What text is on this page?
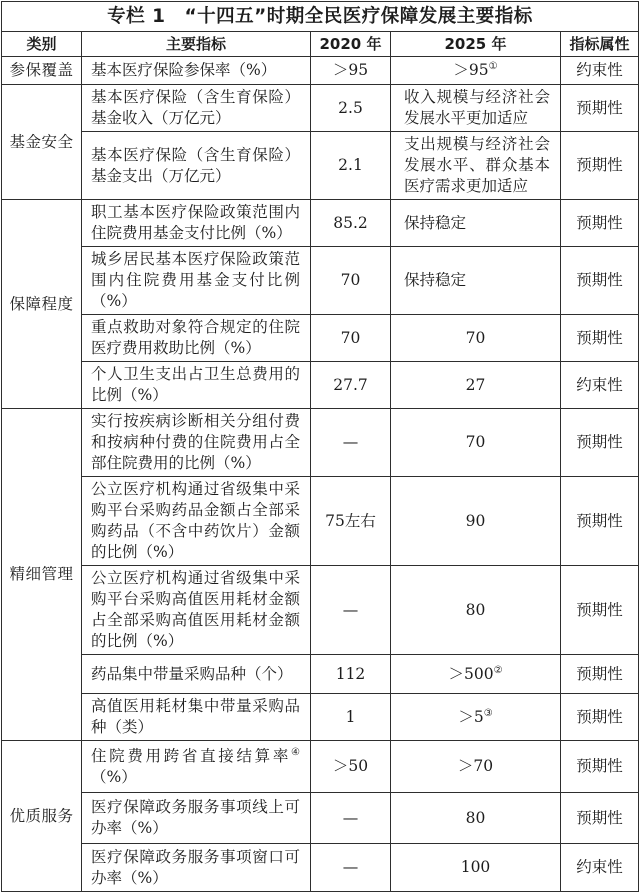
专栏 1　“十四五”时期全民医疗保障发展主要指标				
类别	主要指标	2020 年	2025 年	指标属性
参保覆盖	基本医疗保险参保率（%）	＞95	＞95①	约束性
基金安全	基本医疗保险（含生育保险）基金收入（万亿元）	2.5	收入规模与经济社会发展水平更加适应	预期性
	基本医疗保险（含生育保险）基金支出（万亿元）	2.1	支出规模与经济社会发展水平、群众基本医疗需求更加适应	预期性
保障程度	职工基本医疗保险政策范围内住院费用基金支付比例（%）	85.2	保持稳定	预期性
	城乡居民基本医疗保险政策范围内住院费用基金支付比例（%）	70	保持稳定	预期性
	重点救助对象符合规定的住院医疗费用救助比例（%）	70	70	预期性
	个人卫生支出占卫生总费用的比例（%）	27.7	27	约束性
精细管理	实行按疾病诊断相关分组付费和按病种付费的住院费用占全部住院费用的比例（%）	—	70	预期性
	公立医疗机构通过省级集中采购平台采购药品金额占全部采购药品（不含中药饮片）金额的比例（%）	75左右	90	预期性
	公立医疗机构通过省级集中采购平台采购高值医用耗材金额占全部采购高值医用耗材金额的比例（%）	—	80	预期性
	药品集中带量采购品种（个）	112	＞500②	预期性
	高值医用耗材集中带量采购品种（类）	1	＞5③	预期性
优质服务	住院费用跨省直接结算率④（%）	＞50	＞70	预期性
	医疗保障政务服务事项线上可办率（%）	—	80	预期性
	医疗保障政务服务事项窗口可办率（%）	—	100	约束性
